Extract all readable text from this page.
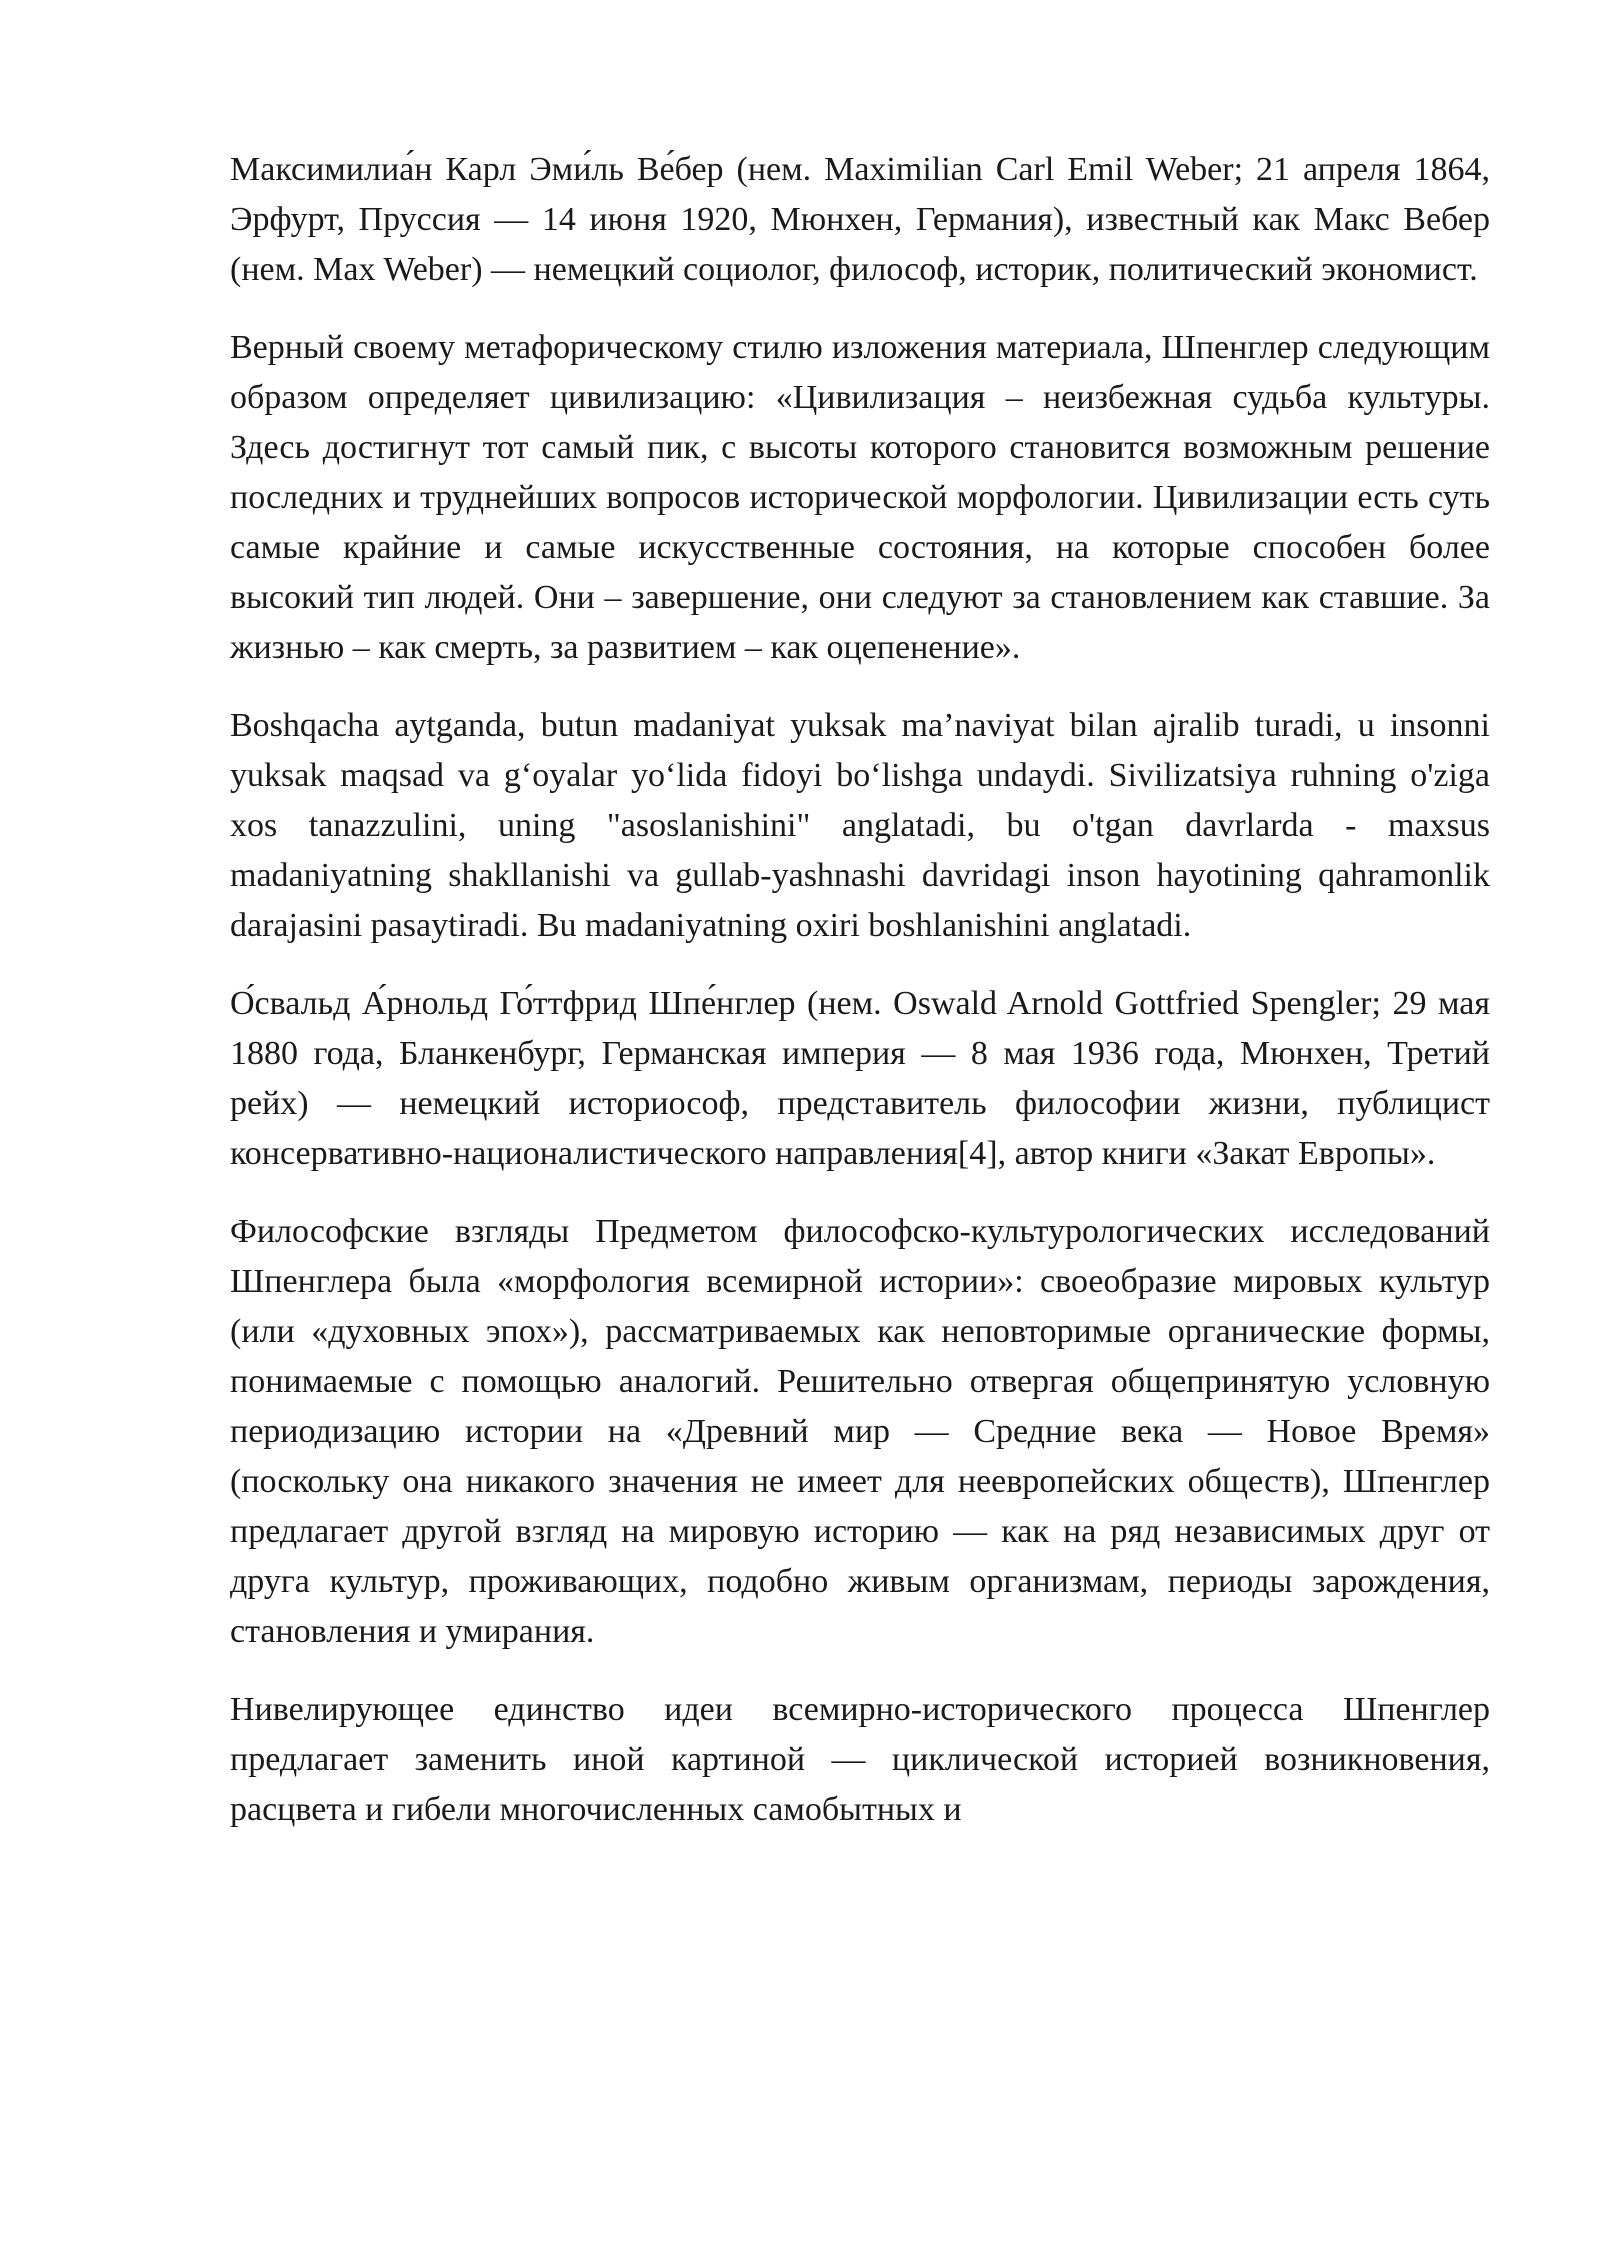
Максимилиа́н Карл Эми́ль Ве́бер (нем. Maximilian Carl Emil Weber; 21 апреля 1864, Эрфурт, Пруссия — 14 июня 1920, Мюнхен, Германия), известный как Макс Вебер (нем. Max Weber) — немецкий социолог, философ, историк, политический экономист.

Верный своему метафорическому стилю изложения материала, Шпенглер следующим образом определяет цивилизацию: «Цивилизация – неизбежная судьба культуры. Здесь достигнут тот самый пик, с высоты которого становится возможным решение последних и труднейших вопросов исторической морфологии. Цивилизации есть суть самые крайние и самые искусственные состояния, на которые способен более высокий тип людей. Они – завершение, они следуют за становлением как ставшие. За жизнью – как смерть, за развитием – как оцепенение».

Boshqacha aytganda, butun madaniyat yuksak ma’naviyat bilan ajralib turadi, u insonni yuksak maqsad va g‘oyalar yo‘lida fidoyi bo‘lishga undaydi. Sivilizatsiya ruhning o'ziga xos tanazzulini, uning "asoslanishini" anglatadi, bu o'tgan davrlarda - maxsus madaniyatning shakllanishi va gullab-yashnashi davridagi inson hayotining qahramonlik darajasini pasaytiradi. Bu madaniyatning oxiri boshlanishini anglatadi.

О́свальд А́рнольд Го́ттфрид Шпе́нглер (нем. Oswald Arnold Gottfried Spengler; 29 мая 1880 года, Бланкенбург, Германская империя — 8 мая 1936 года, Мюнхен, Третий рейх) — немецкий историософ, представитель философии жизни, публицист консервативно-националистического направления[4], автор книги «Закат Европы».

Философские взгляды Предметом философско-культурологических исследований Шпенглера была «морфология всемирной истории»: своеобразие мировых культур (или «духовных эпох»), рассматриваемых как неповторимые органические формы, понимаемые с помощью аналогий. Решительно отвергая общепринятую условную периодизацию истории на «Древний мир — Средние века — Новое Время» (поскольку она никакого значения не имеет для неевропейских обществ), Шпенглер предлагает другой взгляд на мировую историю — как на ряд независимых друг от друга культур, проживающих, подобно живым организмам, периоды зарождения, становления и умирания.

Нивелирующее единство идеи всемирно-исторического процесса Шпенглер предлагает заменить иной картиной — циклической историей возникновения, расцвета и гибели многочисленных самобытных и
